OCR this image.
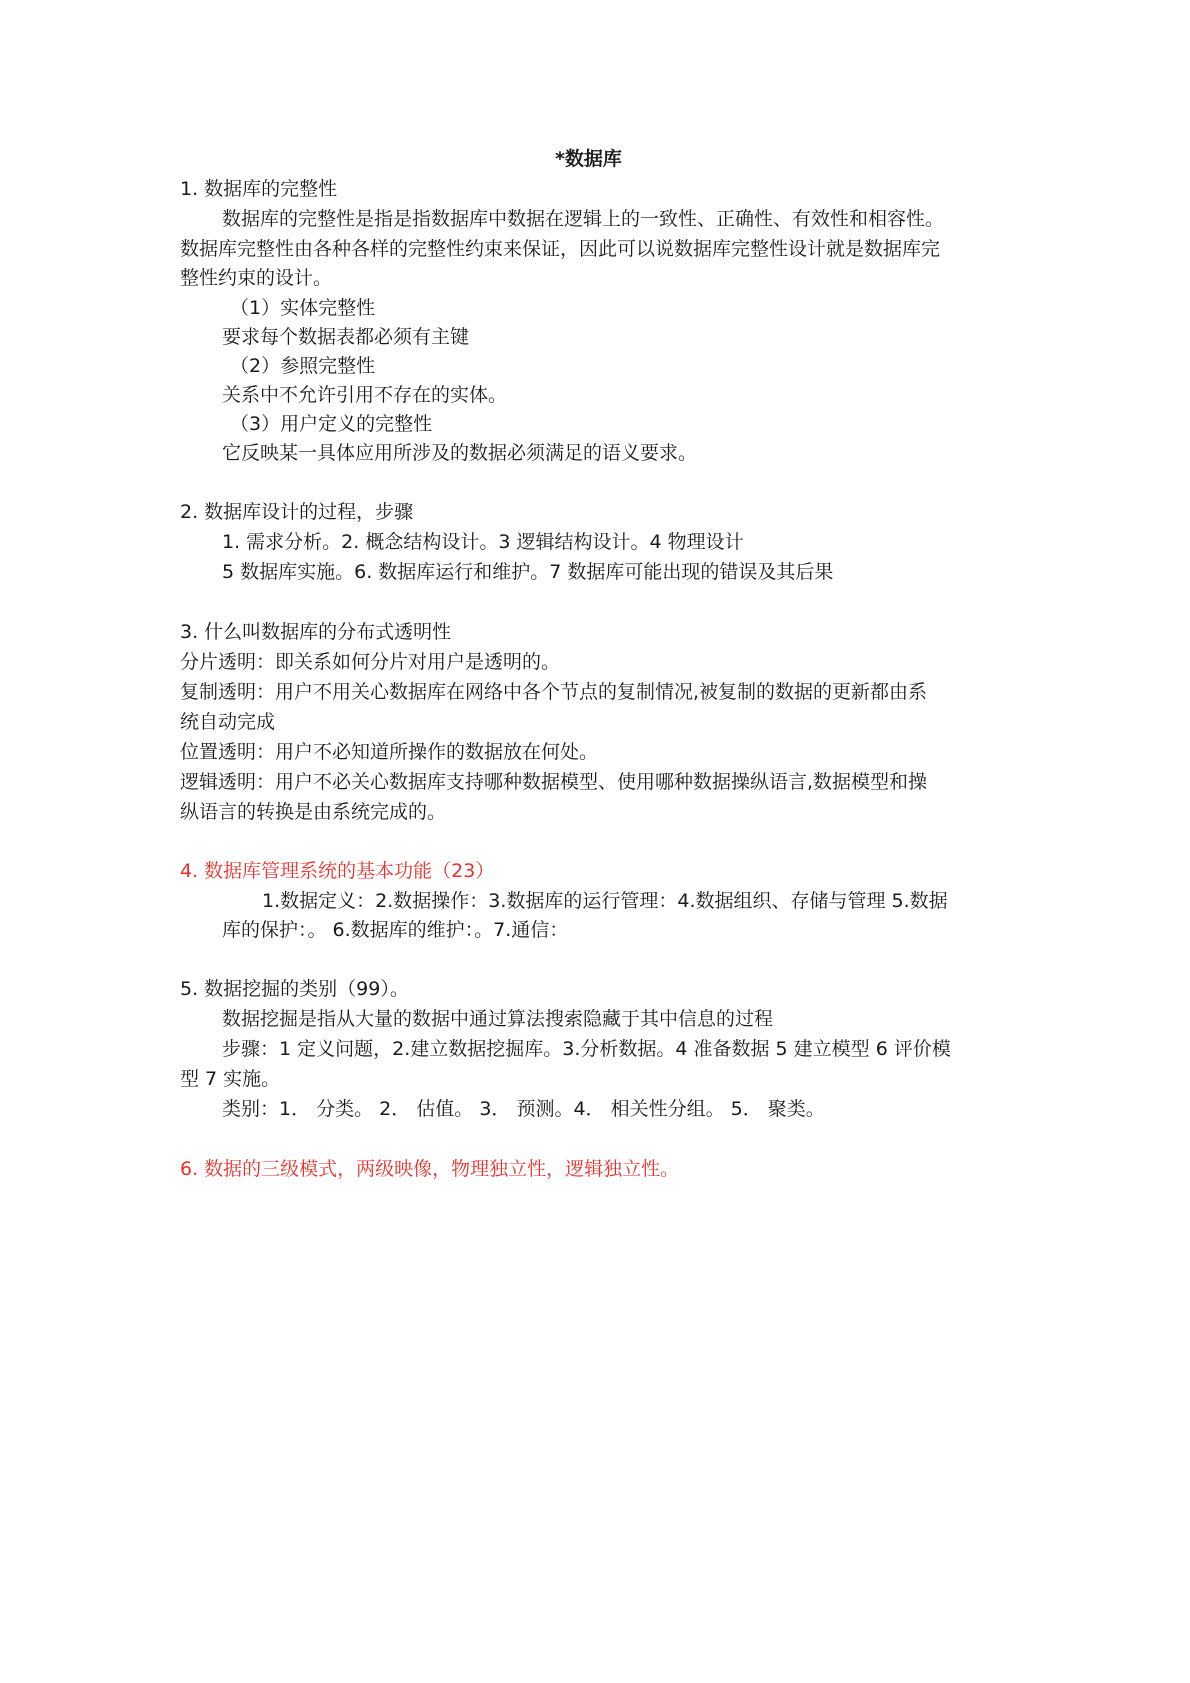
*数据库
1. 数据库的完整性
数据库的完整性是指是指数据库中数据在逻辑上的一致性、正确性、有效性和相容性。
数据库完整性由各种各样的完整性约束来保证，因此可以说数据库完整性设计就是数据库完
整性约束的设计。
（1）实体完整性
要求每个数据表都必须有主键
（2）参照完整性
关系中不允许引用不存在的实体。
（3）用户定义的完整性
它反映某一具体应用所涉及的数据必须满足的语义要求。
2. 数据库设计的过程，步骤
1. 需求分析。2. 概念结构设计。3 逻辑结构设计。4 物理设计
5 数据库实施。6. 数据库运行和维护。7 数据库可能出现的错误及其后果
3. 什么叫数据库的分布式透明性
分片透明：即关系如何分片对用户是透明的。
复制透明：用户不用关心数据库在网络中各个节点的复制情况,被复制的数据的更新都由系
统自动完成
位置透明：用户不必知道所操作的数据放在何处。
逻辑透明：用户不必关心数据库支持哪种数据模型、使用哪种数据操纵语言,数据模型和操
纵语言的转换是由系统完成的。
4. 数据库管理系统的基本功能（23）
1.数据定义：2.数据操作：3.数据库的运行管理：4.数据组织、存储与管理 5.数据
库的保护：。 6.数据库的维护：。7.通信：
5. 数据挖掘的类别（99）。
数据挖掘是指从大量的数据中通过算法搜索隐藏于其中信息的过程
步骤：1 定义问题，2.建立数据挖掘库。3.分析数据。4 准备数据 5 建立模型 6 评价模
型 7 实施。
类别：1． 分类。 2． 估值。 3． 预测。4． 相关性分组。 5． 聚类。
6. 数据的三级模式，两级映像，物理独立性，逻辑独立性。
